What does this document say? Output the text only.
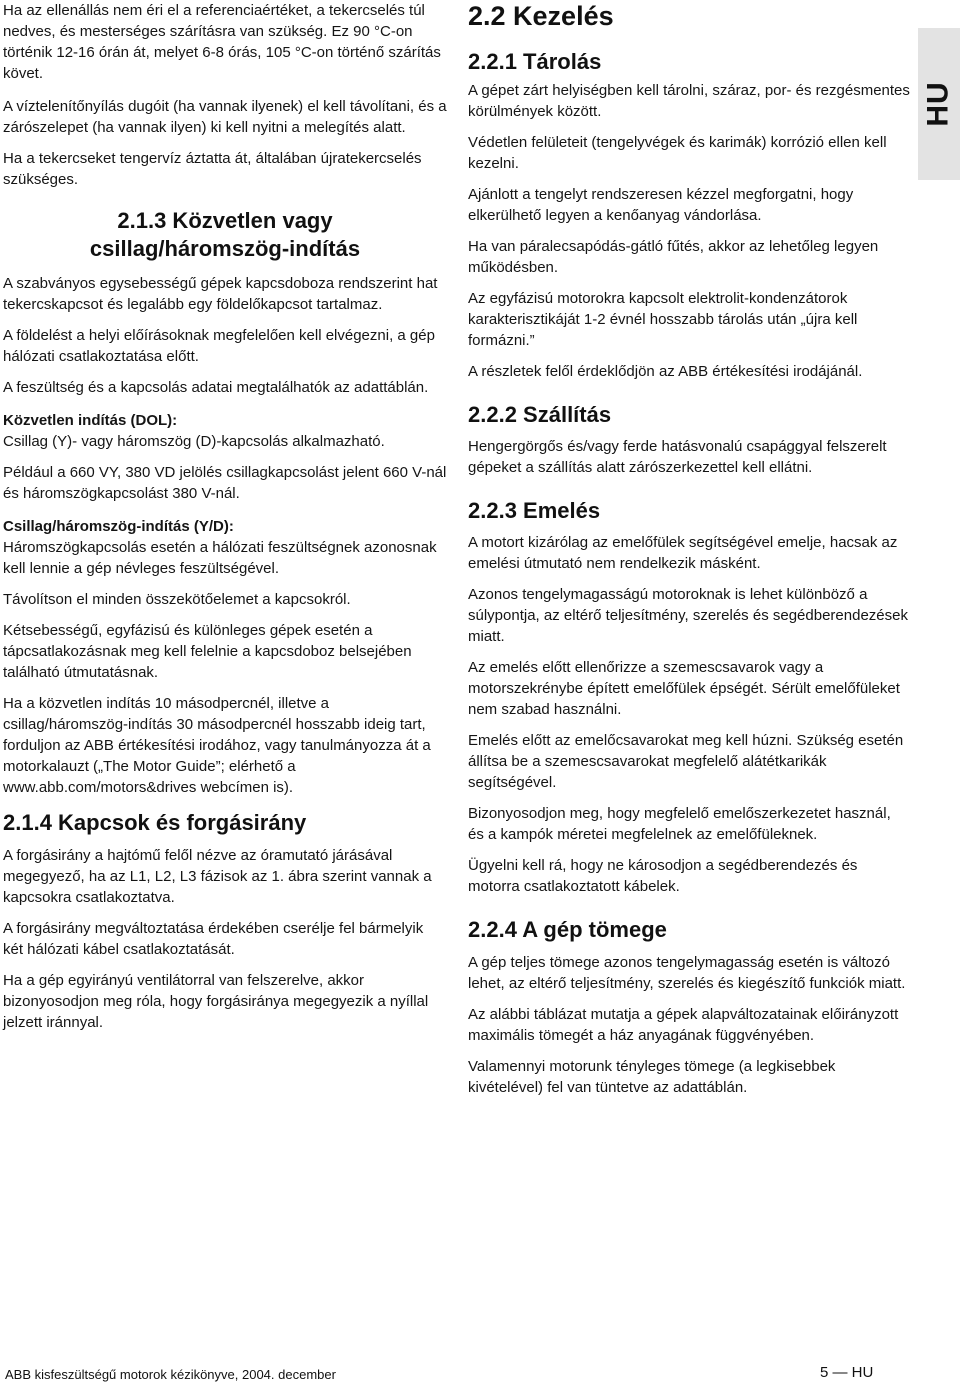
Ha az ellenállás nem éri el a referenciaértéket, a tekercselés túl nedves, és mesterséges szárításra van szükség. Ez 90 °C-on történik 12-16 órán át, melyet 6-8 órás, 105 °C-on történő szárítás követ.

A víztelenítőnyílás dugóit (ha vannak ilyenek) el kell távolítani, és a zárószelepet (ha vannak ilyen) ki kell nyitni a melegítés alatt.

Ha a tekercseket tengervíz áztatta át, általában újratekercselés szükséges.

2.1.3 Közvetlen vagy csillag/háromszög-indítás

A szabványos egysebességű gépek kapcsdoboza rendszerint hat tekercskapcsot és legalább egy földelőkapcsot tartalmaz.

A földelést a helyi előírásoknak megfelelően kell elvégezni, a gép hálózati csatlakoztatása előtt.

A feszültség és a kapcsolás adatai megtalálhatók az adattáblán.

Közvetlen indítás (DOL):
Csillag (Y)- vagy háromszög (D)-kapcsolás alkalmazható.

Például a 660 VY, 380 VD jelölés csillagkapcsolást jelent 660 V-nál és háromszögkapcsolást 380 V-nál.

Csillag/háromszög-indítás (Y/D):
Háromszögkapcsolás esetén a hálózati feszültségnek azonosnak kell lennie a gép névleges feszültségével.

Távolítson el minden összekötőelemet a kapcsokról.

Kétsebességű, egyfázisú és különleges gépek esetén a tápcsatlakozásnak meg kell felelnie a kapcsdoboz belsejében található útmutatásnak.

Ha a közvetlen indítás 10 másodpercnél, illetve a csillag/háromszög-indítás 30 másodpercnél hosszabb ideig tart, forduljon az ABB értékesítési irodához, vagy tanulmányozza át a motorkalauzt („The Motor Guide”; elérhető a www.abb.com/motors&drives webcímen is).

2.1.4 Kapcsok és forgásirány

A forgásirány a hajtómű felől nézve az óramutató járásával megegyező, ha az L1, L2, L3 fázisok az 1. ábra szerint vannak a kapcsokra csatlakoztatva.

A forgásirány megváltoztatása érdekében cserélje fel bármelyik két hálózati kábel csatlakoztatását.

Ha a gép egyirányú ventilátorral van felszerelve, akkor bizonyosodjon meg róla, hogy forgásiránya megegyezik a nyíllal jelzett iránnyal.

2.2 Kezelés
2.2.1 Tárolás

A gépet zárt helyiségben kell tárolni, száraz, por- és rezgésmentes körülmények között.

Védetlen felületeit (tengelyvégek és karimák) korrózió ellen kell kezelni.

Ajánlott a tengelyt rendszeresen kézzel megforgatni, hogy elkerülhető legyen a kenőanyag vándorlása.

Ha van páralecsapódás-gátló fűtés, akkor az lehetőleg legyen működésben.

Az egyfázisú motorokra kapcsolt elektrolit-kondenzátorok karakterisztikáját 1-2 évnél hosszabb tárolás után „újra kell formázni.”

A részletek felől érdeklődjön az ABB értékesítési irodájánál.

2.2.2 Szállítás

Hengergörgős és/vagy ferde hatásvonalú csapággyal felszerelt gépeket a szállítás alatt zárószerkezettel kell ellátni.

2.2.3 Emelés

A motort kizárólag az emelőfülek segítségével emelje, hacsak az emelési útmutató nem rendelkezik másként.

Azonos tengelymagasságú motoroknak is lehet különböző a súlypontja, az eltérő teljesítmény, szerelés és segédberendezések miatt.

Az emelés előtt ellenőrizze a szemescsavarok vagy a motorszekrénybe épített emelőfülek épségét. Sérült emelőfüleket nem szabad használni.

Emelés előtt az emelőcsavarokat meg kell húzni. Szükség esetén állítsa be a szemescsavarokat megfelelő alátétkarikák segítségével.

Bizonyosodjon meg, hogy megfelelő emelőszerkezetet használ, és a kampók méretei megfelelnek az emelőfüleknek.

Ügyelni kell rá, hogy ne károsodjon a segédberendezés és motorra csatlakoztatott kábelek.

2.2.4 A gép tömege

A gép teljes tömege azonos tengelymagasság esetén is változó lehet, az eltérő teljesítmény, szerelés és kiegészítő funkciók miatt.

Az alábbi táblázat mutatja a gépek alapváltozatainak előirányzott maximális tömegét a ház anyagának függvényében.

Valamennyi motorunk tényleges tömege (a legkisebbek kivételével) fel van tüntetve az adattáblán.

HU
ABB kisfeszültségű motorok kézikönyve, 2004. december	5 — HU
